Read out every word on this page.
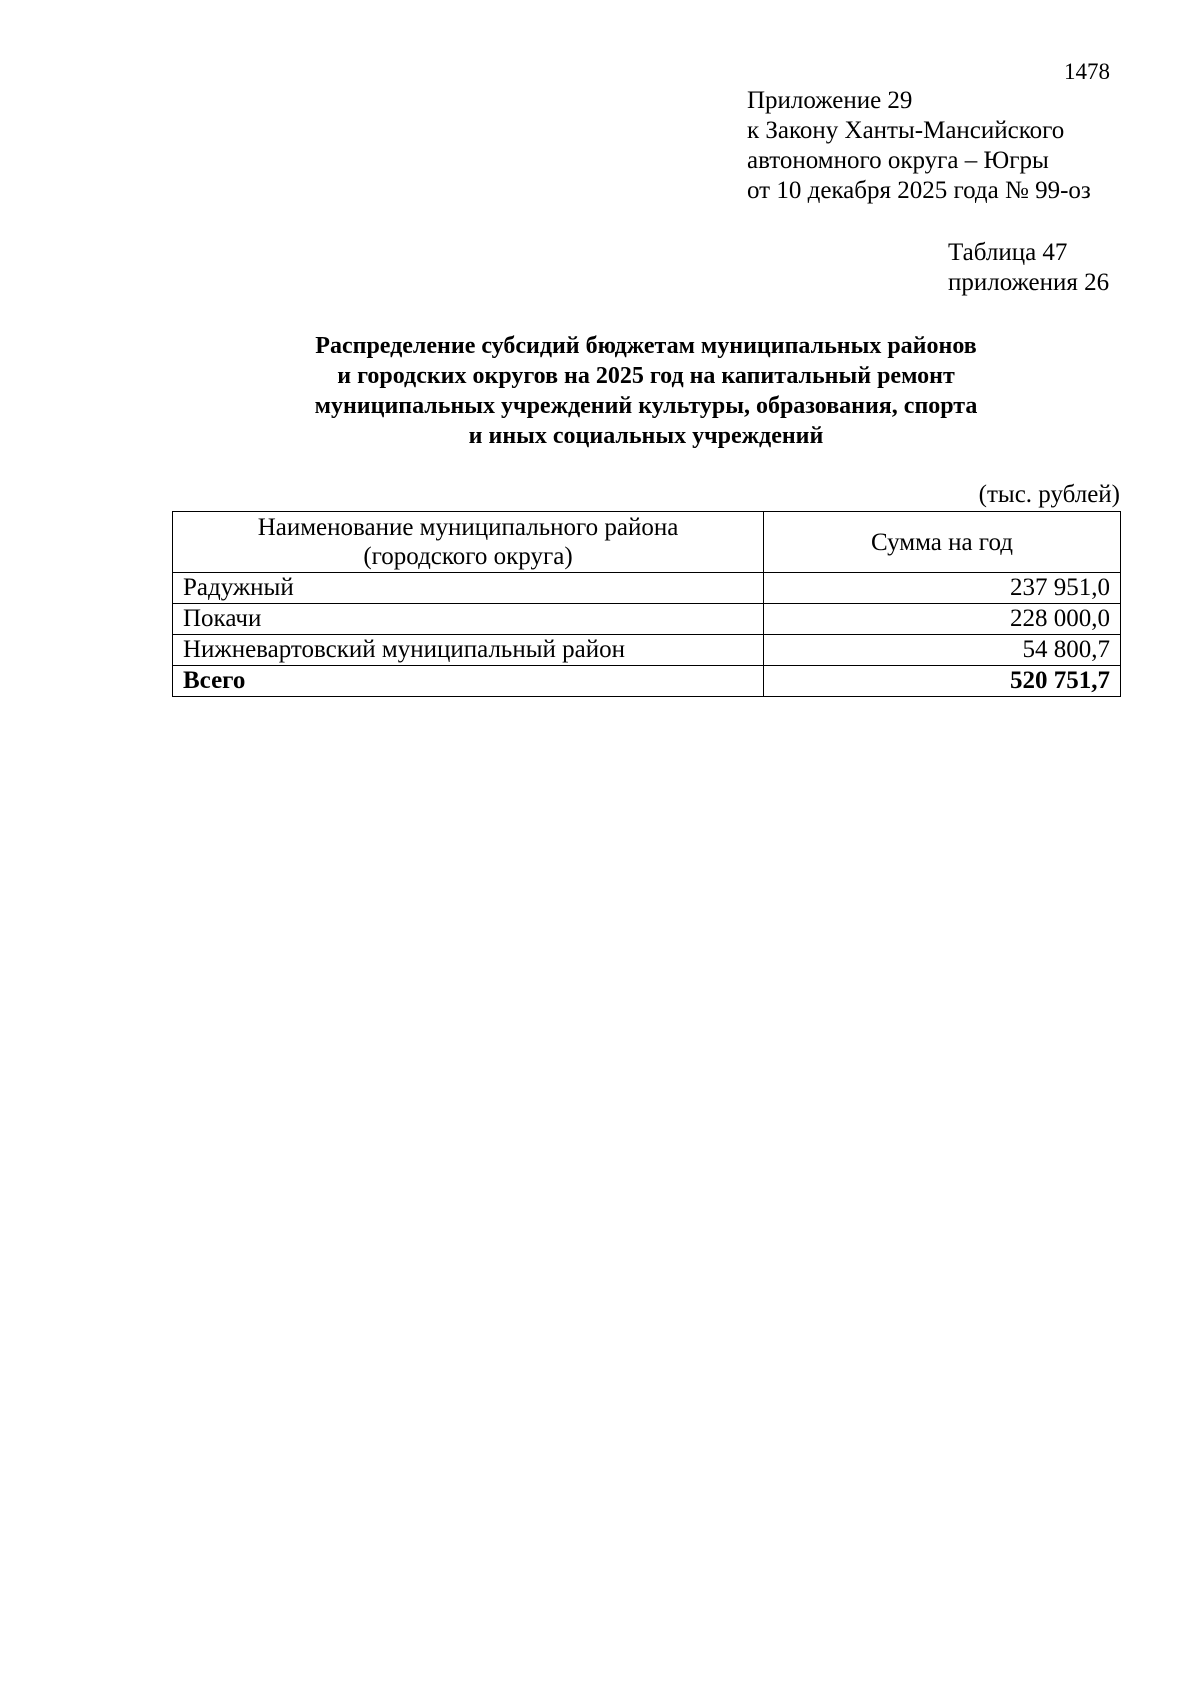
1478
Приложение 29
к Закону Ханты-Мансийского
автономного округа – Югры
от 10 декабря 2025 года № 99-оз
Таблица 47
приложения 26
Распределение субсидий бюджетам муниципальных районов
и городских округов на 2025 год на капитальный ремонт
муниципальных учреждений культуры, образования, спорта
и иных социальных учреждений
(тыс. рублей)
Наименование муниципального района
(городского округа)	Сумма на год
Радужный	237 951,0
Покачи	228 000,0
Нижневартовский муниципальный район	54 800,7
Всего	520 751,7
